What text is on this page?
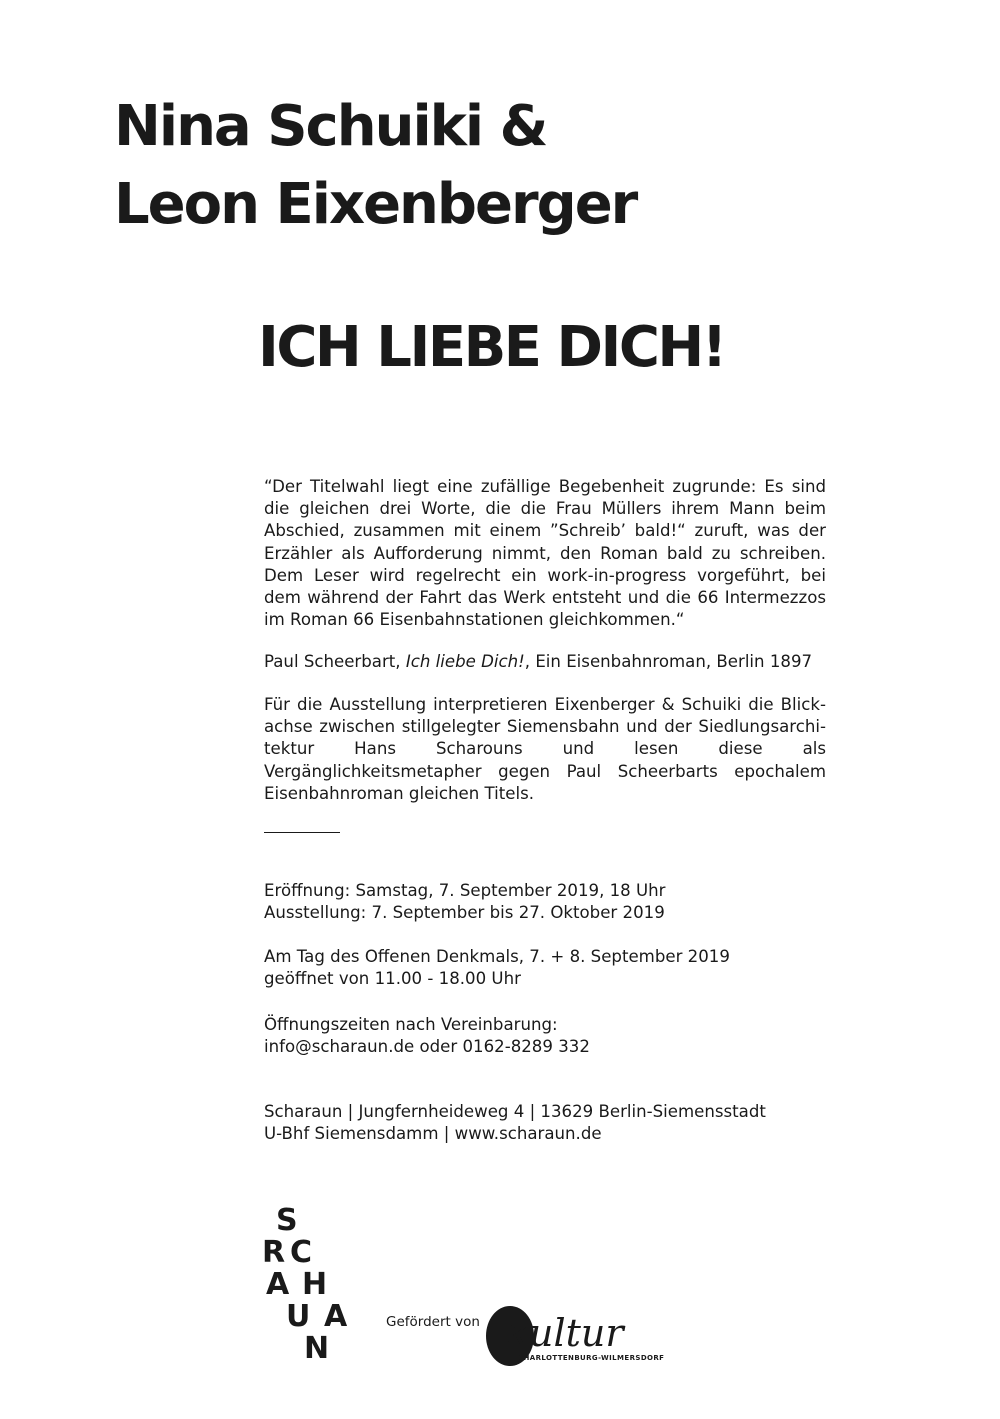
Nina Schuiki &
Leon Eixenberger
ICH LIEBE DICH!
“Der Titelwahl liegt eine zufällige Begebenheit zugrunde: Es sind die gleichen drei Worte, die die Frau Müllers ihrem Mann beim Abschied, zusammen mit einem ”Schreib’ bald!“ zuruft, was der Erzähler als Aufforderung nimmt, den Roman bald zu schreiben. Dem Leser wird regelrecht ein work-in-progress vorgeführt, bei dem während der Fahrt das Werk entsteht und die 66 Intermezzos im Roman 66 Eisenbahnstationen gleichkommen.“
Paul Scheerbart, Ich liebe Dich!, Ein Eisenbahnroman, Berlin 1897
Für die Ausstellung interpretieren Eixenberger & Schuiki die Blickachse zwischen stillgelegter Siemensbahn und der Siedlungsarchitektur Hans Scharouns und lesen diese als Vergänglichkeitsmetapher gegen Paul Scheerbarts epochalem Eisenbahnroman gleichen Titels.
Eröffnung: Samstag, 7. September 2019, 18 Uhr
Ausstellung: 7. September bis 27. Oktober 2019
Am Tag des Offenen Denkmals, 7. + 8. September 2019
geöffnet von 11.00 - 18.00 Uhr
Öffnungszeiten nach Vereinbarung:
info@scharaun.de oder 0162-8289 332
Scharaun | Jungfernheideweg 4 | 13629 Berlin-Siemensstadt
U-Bhf Siemensdamm | www.scharaun.de
S
R C
A H
U A
N
Gefördert von kultur
CHARLOTTENBURG-WILMERSDORF
